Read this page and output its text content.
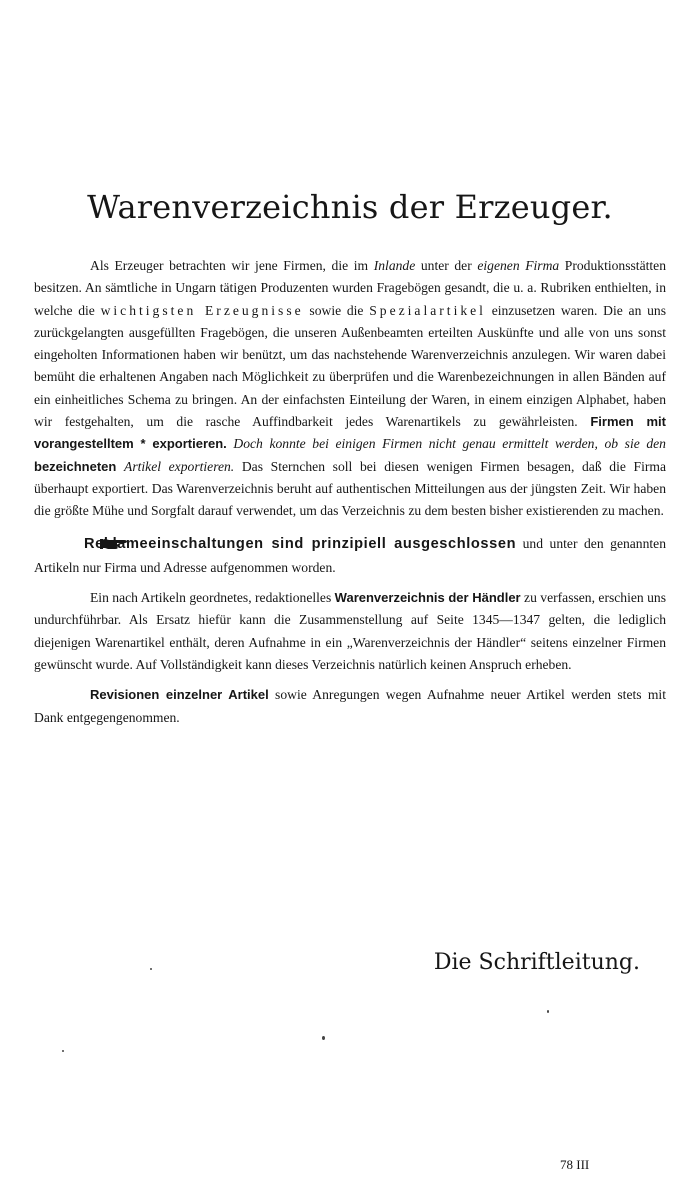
Warenverzeichnis der Erzeuger.

Als Erzeuger betrachten wir jene Firmen, die im Inlande unter der eigenen Firma Produktionsstätten besitzen. An sämtliche in Ungarn tätigen Produzenten wurden Fragebögen gesandt, die u. a. Rubriken enthielten, in welche die wichtigsten Erzeugnisse sowie die Spezialartikel einzusetzen waren. Die an uns zurückgelangten ausgefüllten Fragebögen, die unseren Außenbeamten erteilten Auskünfte und alle von uns sonst eingeholten Informationen haben wir benützt, um das nachstehende Warenverzeichnis anzulegen. Wir waren dabei bemüht die erhaltenen Angaben nach Möglichkeit zu überprüfen und die Warenbezeichnungen in allen Bänden auf ein einheitliches Schema zu bringen. An der einfachsten Einteilung der Waren, in einem einzigen Alphabet, haben wir festgehalten, um die rasche Auffindbarkeit jedes Warenartikels zu gewährleisten. Firmen mit vorangestelltem * exportieren. Doch konnte bei einigen Firmen nicht genau ermittelt werden, ob sie den bezeichneten Artikel exportieren. Das Sternchen soll bei diesen wenigen Firmen besagen, daß die Firma überhaupt exportiert. Das Warenverzeichnis beruht auf authentischen Mitteilungen aus der jüngsten Zeit. Wir haben die größte Mühe und Sorgfalt darauf verwendet, um das Verzeichnis zu dem besten bisher existierenden zu machen.

Reklameeinschaltungen sind prinzipiell ausgeschlossen und unter den genannten Artikeln nur Firma und Adresse aufgenommen worden.

Ein nach Artikeln geordnetes, redaktionelles Warenverzeichnis der Händler zu verfassen, erschien uns undurchführbar. Als Ersatz hiefür kann die Zusammenstellung auf Seite 1345—1347 gelten, die lediglich diejenigen Warenartikel enthält, deren Aufnahme in ein „Warenverzeichnis der Händler“ seitens einzelner Firmen gewünscht wurde. Auf Vollständigkeit kann dieses Verzeichnis natürlich keinen Anspruch erheben.

Revisionen einzelner Artikel sowie Anregungen wegen Aufnahme neuer Artikel werden stets mit Dank entgegengenommen.

Die Schriftleitung.
78 III
